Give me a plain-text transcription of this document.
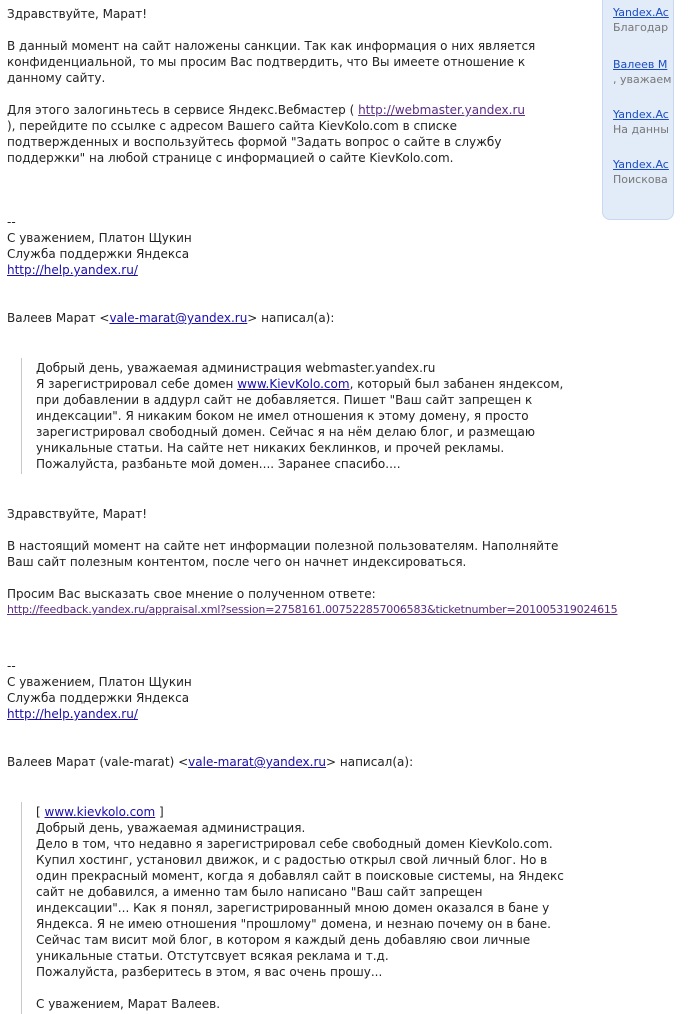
Yandex.Ac
Благодар
Валеев М
, уважаем
Yandex.Ac
На данны
Yandex.Ac
Поискова
Здравствуйте, Марат!
В данный момент на сайт наложены санкции. Так как информация о них является
конфиденциальной, то мы просим Вас подтвердить, что Вы имеете отношение к
данному сайту.
Для этого залогиньтесь в сервисе Яндекс.Вебмастер ( http://webmaster.yandex.ru
), перейдите по ссылке с адресом Вашего сайта KievKolo.com в списке
подтвержденных и воспользуйтесь формой "Задать вопрос о сайте в службу
поддержки" на любой странице с информацией о сайте KievKolo.com.
--
С уважением, Платон Щукин
Служба поддержки Яндекса
http://help.yandex.ru/
Валеев Марат <vale-marat@yandex.ru> написал(а):
Добрый день, уважаемая администрация webmaster.yandex.ru
Я зарегистрировал себе домен www.KievKolo.com, который был забанен яндексом,
при добавлении в аддурл сайт не добавляется. Пишет "Ваш сайт запрещен к
индексации". Я никаким боком не имел отношения к этому домену, я просто
зарегистрировал свободный домен. Сейчас я на нём делаю блог, и размещаю
уникальные статьи. На сайте нет никаких беклинков, и прочей рекламы.
Пожалуйста, разбаньте мой домен.... Заранее спасибо....
Здравствуйте, Марат!
В настоящий момент на сайте нет информации полезной пользователям. Наполняйте
Ваш сайт полезным контентом, после чего он начнет индексироваться.
Просим Вас высказать свое мнение о полученном ответе:
http://feedback.yandex.ru/appraisal.xml?session=2758161.007522857006583&ticketnumber=201005319024615
--
С уважением, Платон Щукин
Служба поддержки Яндекса
http://help.yandex.ru/
Валеев Марат (vale-marat) <vale-marat@yandex.ru> написал(а):
[ www.kievkolo.com ]
Добрый день, уважаемая администрация.
Дело в том, что недавно я зарегистрировал себе свободный домен KievKolo.com.
Купил хостинг, установил движок, и с радостью открыл свой личный блог. Но в
один прекрасный момент, когда я добавлял сайт в поисковые системы, на Яндекс
сайт не добавился, а именно там было написано "Ваш сайт запрещен
индексации"... Как я понял, зарегистрированный мною домен оказался в бане у
Яндекса. Я не имею отношения "прошлому" домена, и незнаю почему он в бане.
Сейчас там висит мой блог, в котором я каждый день добавляю свои личные
уникальные статьи. Отстутсвует всякая реклама и т.д.
Пожалуйста, разберитесь в этом, я вас очень прошу...
С уважением, Марат Валеев.
